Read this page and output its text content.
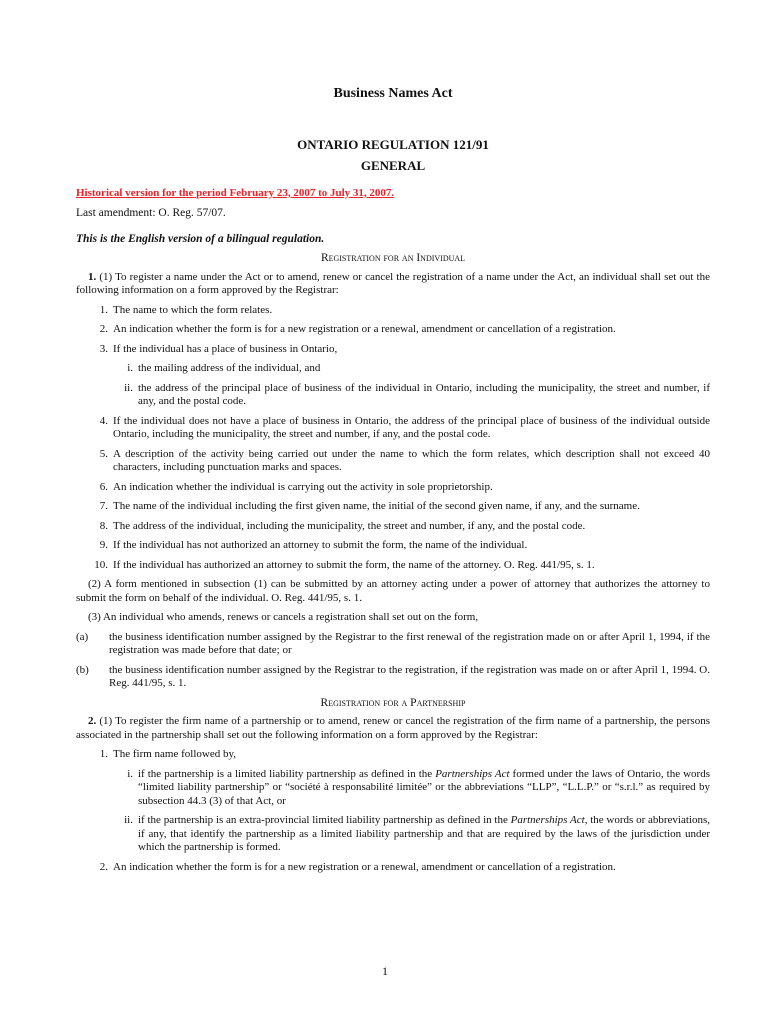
Business Names Act
ONTARIO REGULATION 121/91
GENERAL
Historical version for the period February 23, 2007 to July 31, 2007.
Last amendment: O. Reg. 57/07.
This is the English version of a bilingual regulation.
Registration for an Individual

1. (1) To register a name under the Act or to amend, renew or cancel the registration of a name under the Act, an individual shall set out the following information on a form approved by the Registrar:

1. The name to which the form relates.
2. An indication whether the form is for a new registration or a renewal, amendment or cancellation of a registration.
3. If the individual has a place of business in Ontario,
i. the mailing address of the individual, and
ii. the address of the principal place of business of the individual in Ontario, including the municipality, the street and number, if any, and the postal code.
4. If the individual does not have a place of business in Ontario, the address of the principal place of business of the individual outside Ontario, including the municipality, the street and number, if any, and the postal code.
5. A description of the activity being carried out under the name to which the form relates, which description shall not exceed 40 characters, including punctuation marks and spaces.
6. An indication whether the individual is carrying out the activity in sole proprietorship.
7. The name of the individual including the first given name, the initial of the second given name, if any, and the surname.
8. The address of the individual, including the municipality, the street and number, if any, and the postal code.
9. If the individual has not authorized an attorney to submit the form, the name of the individual.
10. If the individual has authorized an attorney to submit the form, the name of the attorney. O. Reg. 441/95, s. 1.

(2) A form mentioned in subsection (1) can be submitted by an attorney acting under a power of attorney that authorizes the attorney to submit the form on behalf of the individual. O. Reg. 441/95, s. 1.

(3) An individual who amends, renews or cancels a registration shall set out on the form,

(a)	the business identification number assigned by the Registrar to the first renewal of the registration made on or after April 1, 1994, if the registration was made before that date; or
(b)	the business identification number assigned by the Registrar to the registration, if the registration was made on or after April 1, 1994. O. Reg. 441/95, s. 1.
Registration for a Partnership

2. (1) To register the firm name of a partnership or to amend, renew or cancel the registration of the firm name of a partnership, the persons associated in the partnership shall set out the following information on a form approved by the Registrar:

1. The firm name followed by,
i. if the partnership is a limited liability partnership as defined in the Partnerships Act formed under the laws of Ontario, the words “limited liability partnership” or “société à responsabilité limitée” or the abbreviations “LLP”, “L.L.P.” or “s.r.l.” as required by subsection 44.3 (3) of that Act, or
ii. if the partnership is an extra-provincial limited liability partnership as defined in the Partnerships Act, the words or abbreviations, if any, that identify the partnership as a limited liability partnership and that are required by the laws of the jurisdiction under which the partnership is formed.
2. An indication whether the form is for a new registration or a renewal, amendment or cancellation of a registration.
1
